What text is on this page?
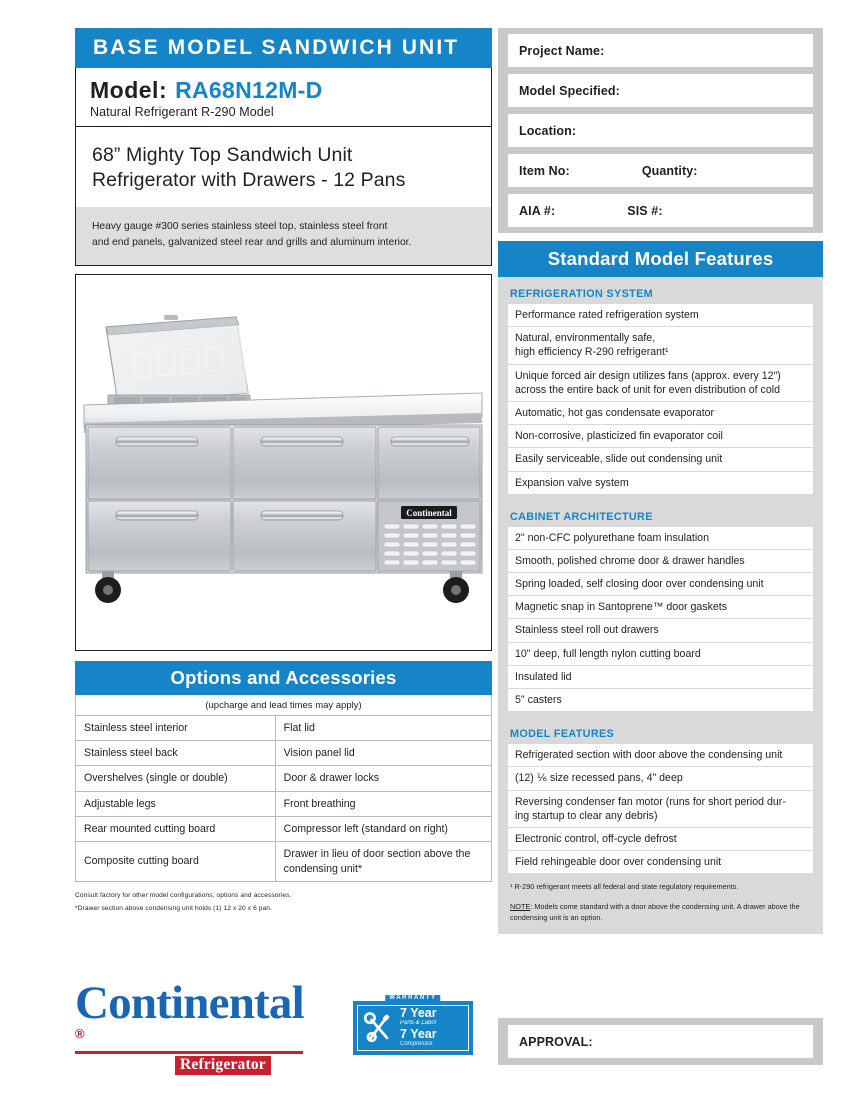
BASE MODEL SANDWICH UNIT
Model: RA68N12M-D
Natural Refrigerant R-290 Model
68” Mighty Top Sandwich Unit
Refrigerator with Drawers - 12 Pans
Heavy gauge #300 series stainless steel top, stainless steel front
and end panels, galvanized steel rear and grills and aluminum interior.
Continental
Options and Accessories
(upcharge and lead times may apply)
Stainless steel interior	Flat lid
Stainless steel back	Vision panel lid
Overshelves (single or double)	Door & drawer locks
Adjustable legs	Front breathing
Rear mounted cutting board	Compressor left (standard on right)
Composite cutting board	Drawer in lieu of door section above the condensing unit*
Consult factory for other model configurations, options and accessories.
*Drawer section above condensing unit holds (1) 12 x 20 x 6 pan.
Continental®
Refrigerator
WARRANTY
7 Year
Parts & Labor
7 Year
Compressor
Project Name:
Model Specified:
Location:
Item No:	Quantity:
AIA #:	SIS #:
Standard Model Features
REFRIGERATION SYSTEM
Performance rated refrigeration system
Natural, environmentally safe,
high efficiency R-290 refrigerant¹
Unique forced air design utilizes fans (approx. every 12")
across the entire back of unit for even distribution of cold
Automatic, hot gas condensate evaporator
Non-corrosive, plasticized fin evaporator coil
Easily serviceable, slide out condensing unit
Expansion valve system
CABINET ARCHITECTURE
2" non-CFC polyurethane foam insulation
Smooth, polished chrome door & drawer handles
Spring loaded, self closing door over condensing unit
Magnetic snap in Santoprene™ door gaskets
Stainless steel roll out drawers
10" deep, full length nylon cutting board
Insulated lid
5" casters
MODEL FEATURES
Refrigerated section with door above the condensing unit
(12) ⅙ size recessed pans, 4" deep
Reversing condenser fan motor (runs for short period dur-
ing startup to clear any debris)
Electronic control, off-cycle defrost
Field rehingeable door over condensing unit
¹ R-290 refrigerant meets all federal and state regulatory requirements.
NOTE: Models come standard with a door above the condensing unit. A drawer above the condensing unit is an option.
APPROVAL:
